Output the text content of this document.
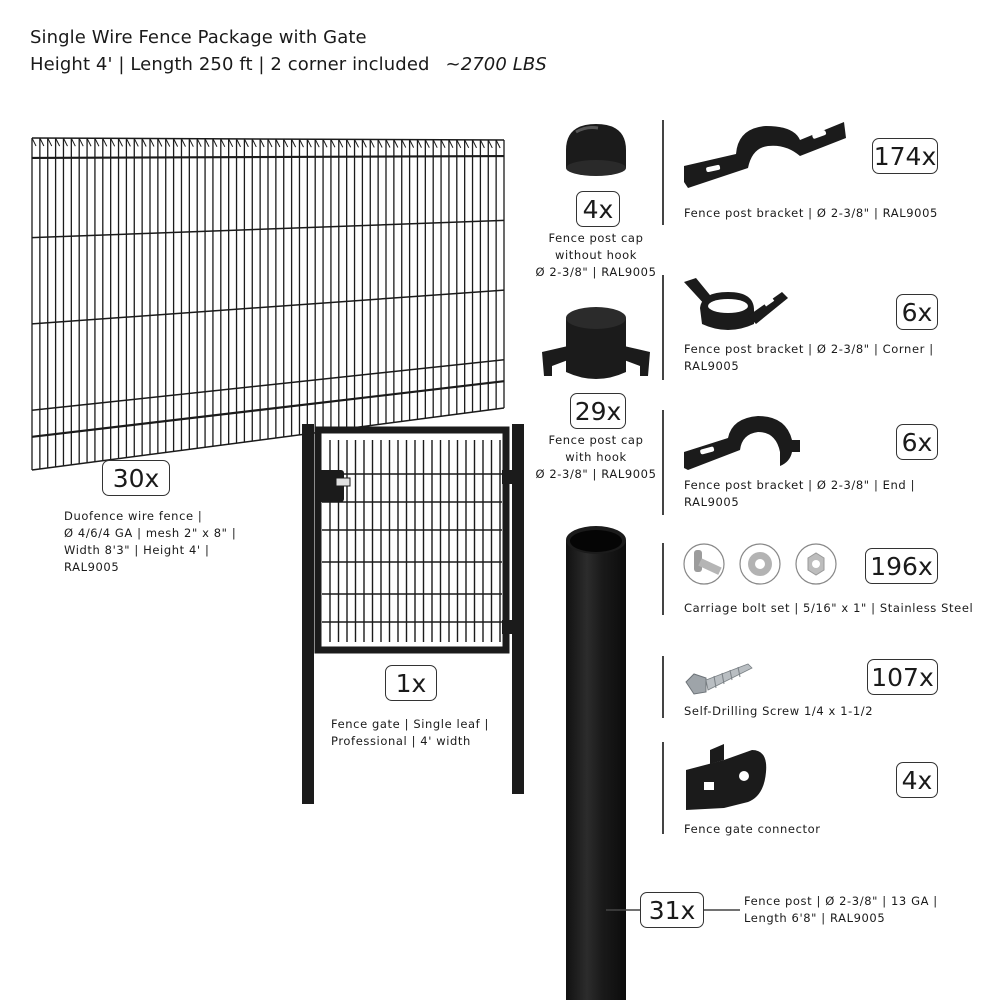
Single Wire Fence Package with Gate
Height 4' | Length 250 ft | 2 corner included ~2700 LBS
30x
Duofence wire fence |
Ø 4/6/4 GA | mesh 2" x 8" |
Width 8'3" | Height 4' |
RAL9005
1x
Fence gate | Single leaf |
Professional | 4' width
4x
Fence post cap
without hook
Ø 2-3/8" | RAL9005
29x
Fence post cap
with hook
Ø 2-3/8" | RAL9005
174x
Fence post bracket | Ø 2-3/8" | RAL9005
6x
Fence post bracket | Ø 2-3/8" | Corner |
RAL9005
6x
Fence post bracket | Ø 2-3/8" | End |
RAL9005
196x
Carriage bolt set | 5/16" x 1" | Stainless Steel
107x
Self-Drilling Screw 1/4 x 1-1/2
4x
Fence gate connector
31x	Fence post | Ø 2-3/8" | 13 GA |
Length 6'8" | RAL9005
